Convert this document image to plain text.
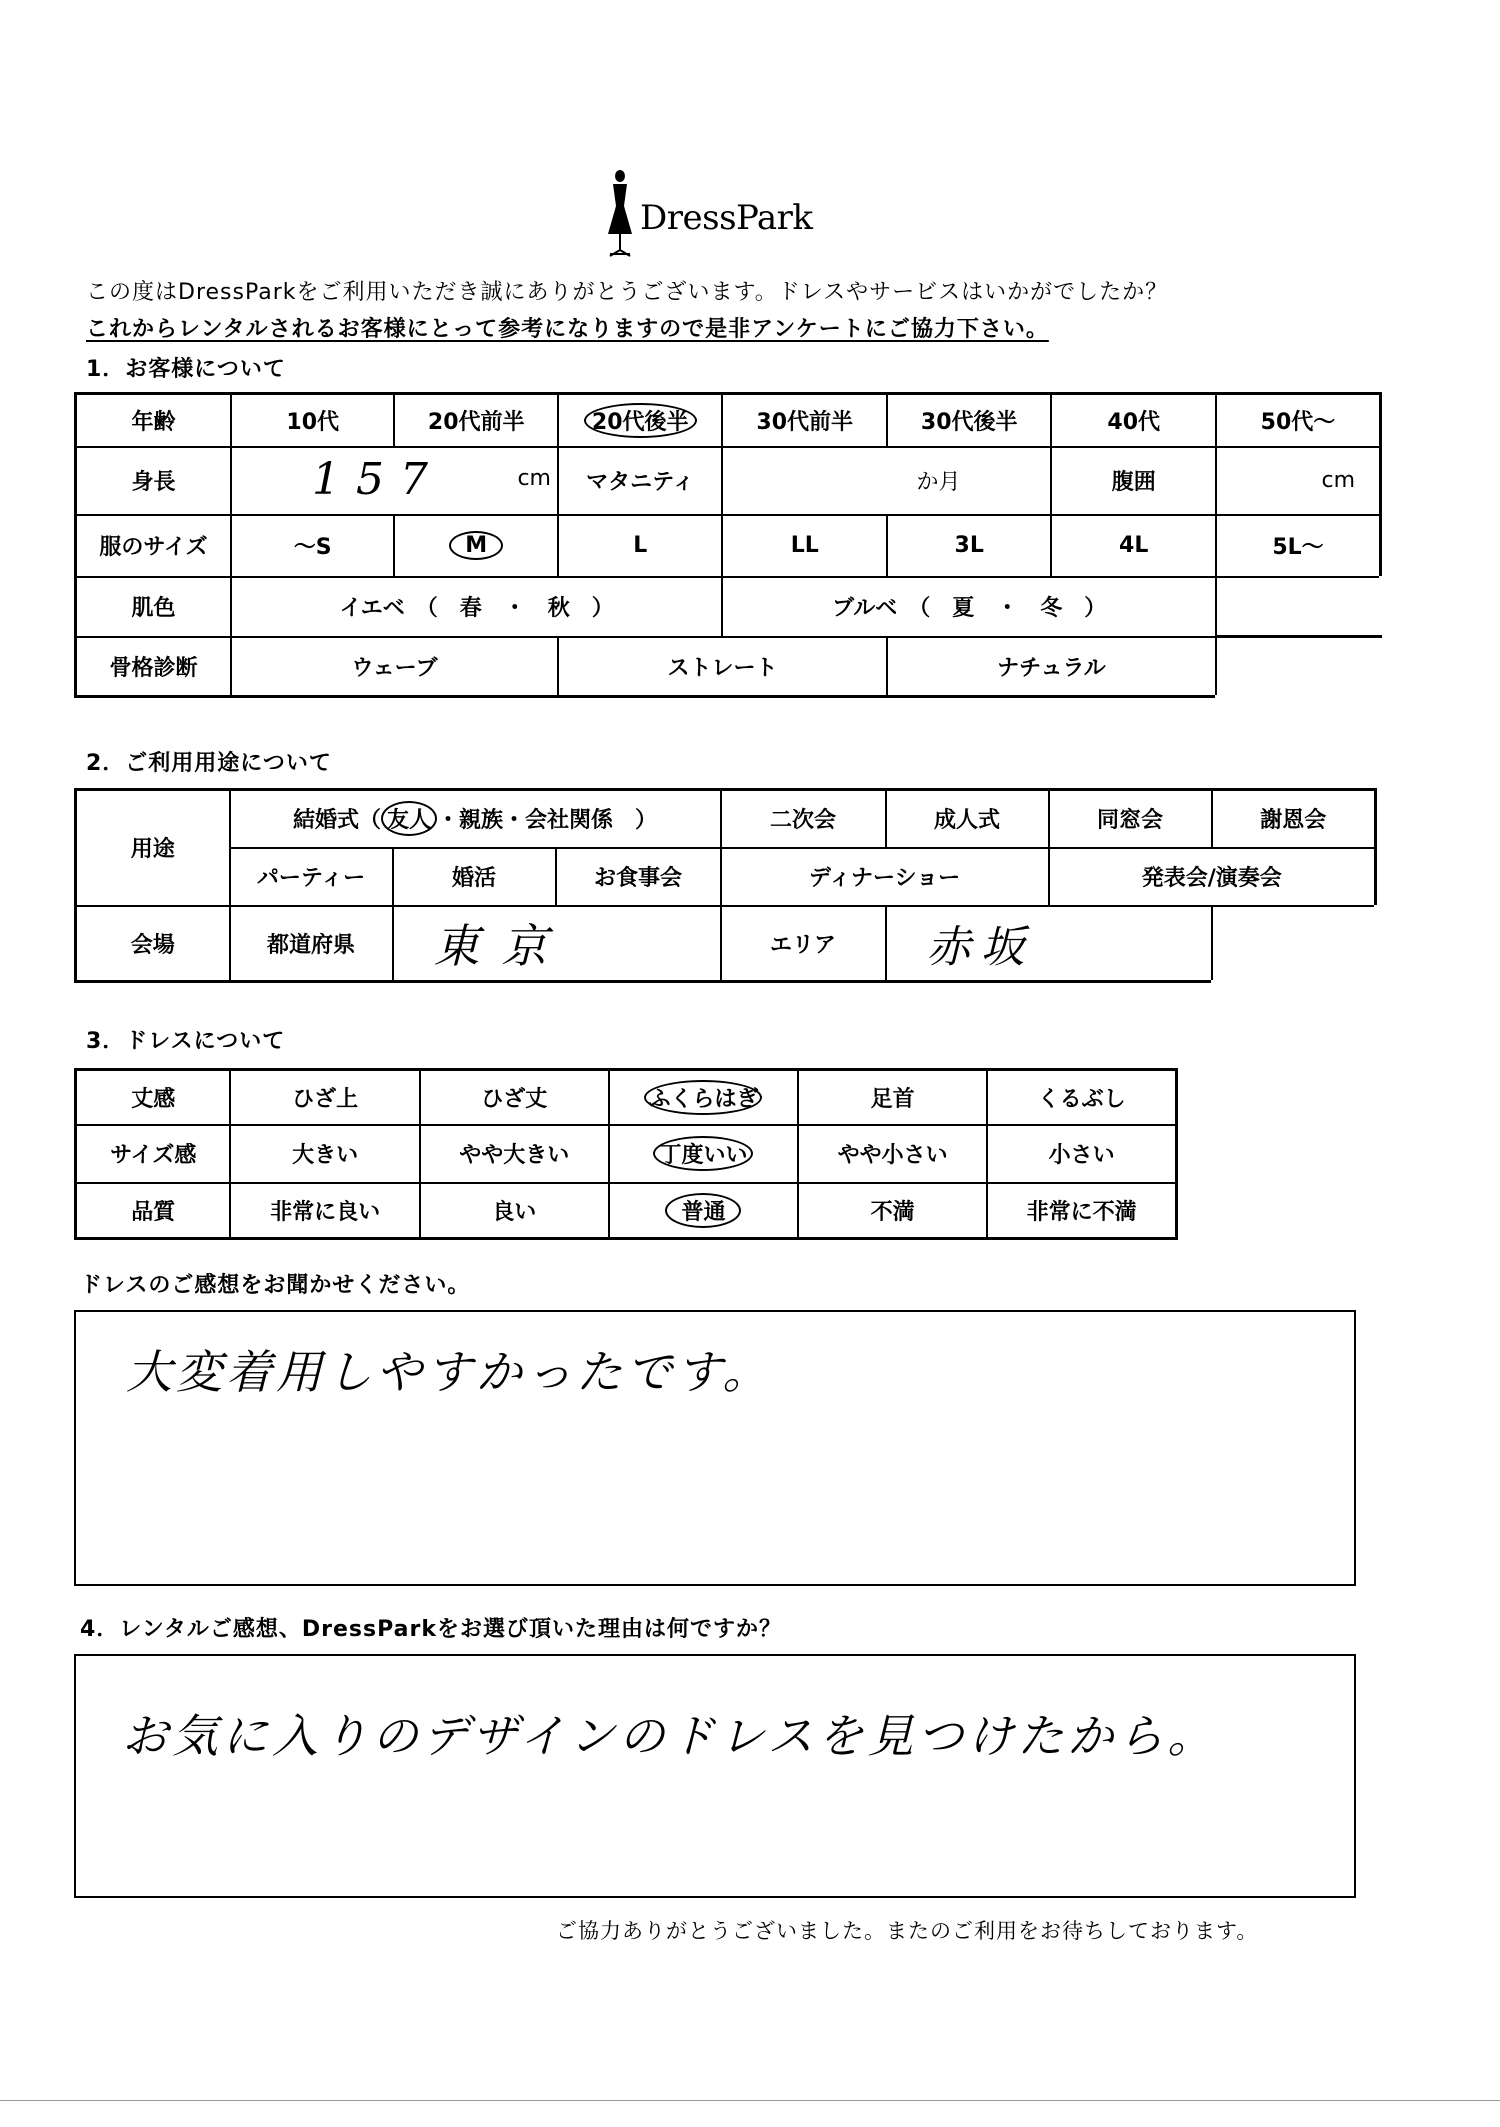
DressPark
この度はDressParkをご利用いただき誠にありがとうございます。ドレスやサービスはいかがでしたか？
これからレンタルされるお客様にとって参考になりますので是非アンケートにご協力下さい。
1．お客様について
年齢	10代	20代前半	20代後半	30代前半	30代後半	40代	50代～
身長	157 cm		マタニティ	か月		腹囲	cm
服のサイズ	～S	M	L	LL	3L	4L	5L～
肌色	イエベ　（　春　・　秋　）			ブルベ　（　夏　・　冬　）			
骨格診断	ウェーブ		ストレート		ナチュラル		
2．ご利用用途について
用途	結婚式（ 友人 ・親族・会社関係　）			二次会	成人式	同窓会	謝恩会
	パーティー	婚活	お食事会	ディナーショー		発表会/演奏会	
会場	都道府県	東京		エリア	赤坂		
3．ドレスについて
丈感	ひざ上	ひざ丈	ふくらはぎ	足首	くるぶし
サイズ感	大きい	やや大きい	丁度いい	やや小さい	小さい
品質	非常に良い	良い	普通	不満	非常に不満
ドレスのご感想をお聞かせください。
大変着用しやすかったです。
4．レンタルご感想、DressParkをお選び頂いた理由は何ですか？
お気に入りのデザインのドレスを見つけたから。
ご協力ありがとうございました。またのご利用をお待ちしております。
